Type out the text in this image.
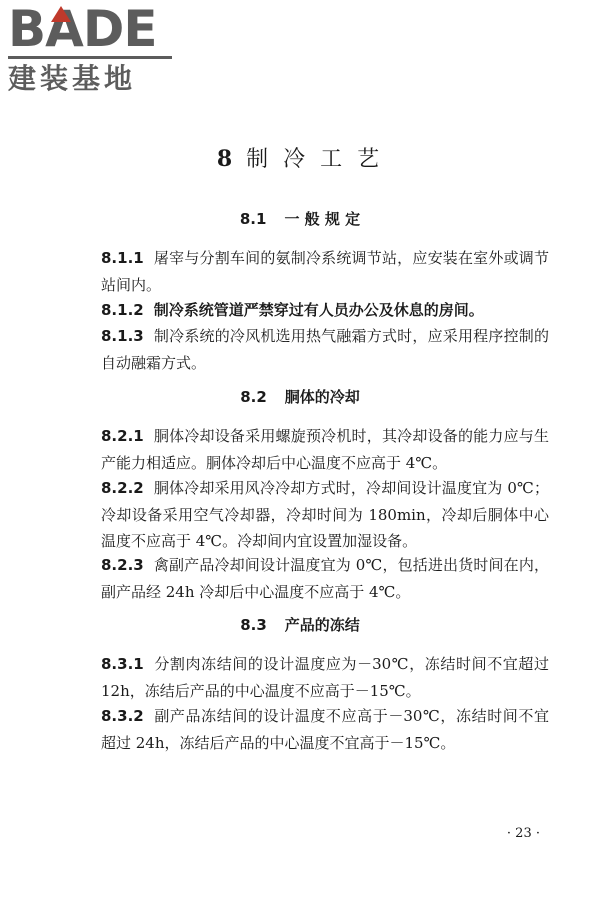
BADE
建装基地
8 制 冷 工 艺
8.1 一 般 规 定
8.1.1 屠宰与分割车间的氨制冷系统调节站，应安装在室外或调节站间内。
8.1.2 制冷系统管道严禁穿过有人员办公及休息的房间。
8.1.3 制冷系统的冷风机选用热气融霜方式时，应采用程序控制的自动融霜方式。
8.2 胴体的冷却
8.2.1 胴体冷却设备采用螺旋预冷机时，其冷却设备的能力应与生产能力相适应。胴体冷却后中心温度不应高于 4℃。
8.2.2 胴体冷却采用风冷冷却方式时，冷却间设计温度宜为 0℃；冷却设备采用空气冷却器，冷却时间为 180min，冷却后胴体中心温度不应高于 4℃。冷却间内宜设置加湿设备。
8.2.3 禽副产品冷却间设计温度宜为 0℃，包括进出货时间在内，副产品经 24h 冷却后中心温度不应高于 4℃。
8.3 产品的冻结
8.3.1 分割肉冻结间的设计温度应为－30℃，冻结时间不宜超过 12h，冻结后产品的中心温度不应高于－15℃。
8.3.2 副产品冻结间的设计温度不应高于－30℃，冻结时间不宜超过 24h，冻结后产品的中心温度不宜高于－15℃。
· 23 ·
